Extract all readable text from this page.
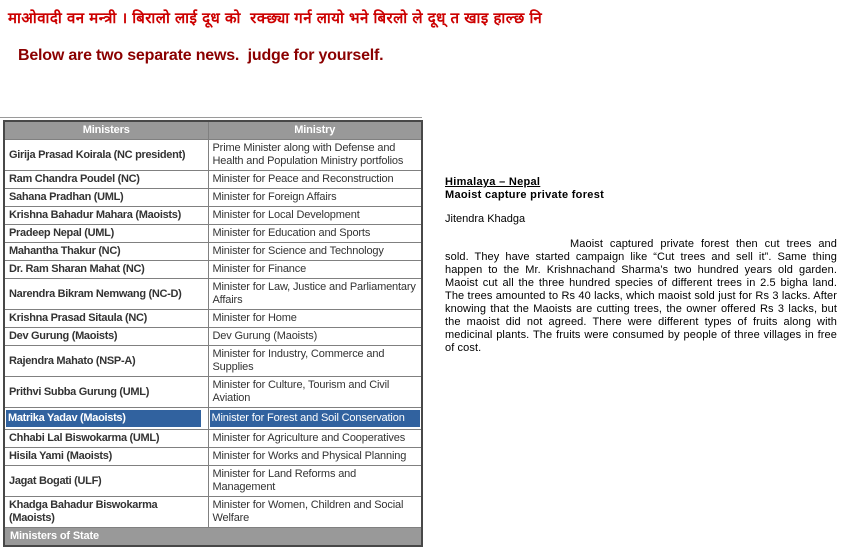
माओवादी वन मन्त्री । बिरालो लाई दूध को  रक्छ्या गर्न लायो भने बिरलो ले दूध् त खाइ हाल्छ नि
Below are two separate news.  judge for yourself.
Ministers	Ministry
Girija Prasad Koirala (NC president)	Prime Minister along with Defense and Health and Population Ministry portfolios
Ram Chandra Poudel (NC)	Minister for Peace and Reconstruction
Sahana Pradhan (UML)	Minister for Foreign Affairs
Krishna Bahadur Mahara (Maoists)	Minister for Local Development
Pradeep Nepal (UML)	Minister for Education and Sports
Mahantha Thakur (NC)	Minister for Science and Technology
Dr. Ram Sharan Mahat (NC)	Minister for Finance
Narendra Bikram Nemwang (NC-D)	Minister for Law, Justice and Parliamentary Affairs
Krishna Prasad Sitaula (NC)	Minister for Home
Dev Gurung (Maoists)	Dev Gurung (Maoists)
Rajendra Mahato (NSP-A)	Minister for Industry, Commerce and Supplies
Prithvi Subba Gurung (UML)	Minister for Culture, Tourism and Civil Aviation

Matrika Yadav (Maoists)	Minister for Forest and Soil Conservation

Chhabi Lal Biswokarma (UML)	Minister for Agriculture and Cooperatives
Hisila Yami (Maoists)	Minister for Works and Physical Planning
Jagat Bogati (ULF)	Minister for Land Reforms and Management
Khadga Bahadur Biswokarma (Maoists)	Minister for Women, Children and Social Welfare
Ministers of State	
Himalaya – Nepal
Maoist capture private forest
Jitendra Khadga
Maoist captured private forest then cut trees and sold. They have started campaign like “Cut trees and sell it”. Same thing happen to the Mr. Krishnachand Sharma’s two hundred years old garden. Maoist cut all the three hundred species of different trees in 2.5 bigha land. The trees amounted to Rs 40 lacks, which maoist sold just for Rs 3 lacks. After knowing that the Maoists are cutting trees, the owner offered Rs 3 lacks, but the maoist did not agreed. There were different types of fruits along with medicinal plants. The fruits were consumed by people of three villages in free of cost.
